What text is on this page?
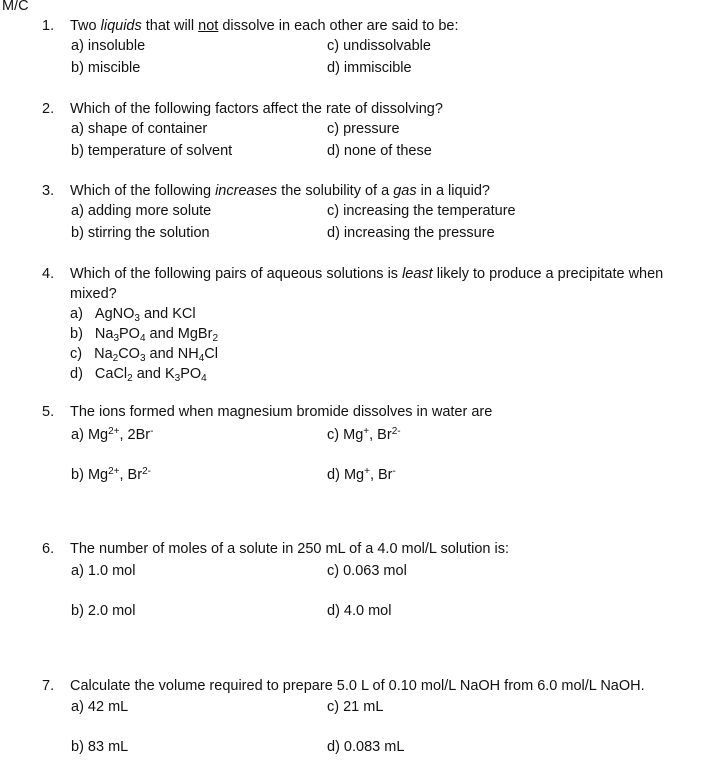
M/C
1. Two liquids that will not dissolve in each other are said to be:
a) insoluble
b) miscible
c) undissolvable
d) immiscible
2. Which of the following factors affect the rate of dissolving?
a) shape of container
b) temperature of solvent
c) pressure
d) none of these
3. Which of the following increases the solubility of a gas in a liquid?
a) adding more solute
b) stirring the solution
c) increasing the temperature
d) increasing the pressure
4. Which of the following pairs of aqueous solutions is least likely to produce a precipitate when
mixed?
a) AgNO$_3$ and KCl
b) $Na_3PO_4$ and MgBr$_2$
c) $Na_2CO_3$ and $NH_4Cl$
d) CaCl$_2$ and $K_3PO_4$
5. The ions formed when magnesium bromide dissolves in water are
a) $Mg^{2+}$, 2Br-
b) $Mg^{2+}$, $Br^{2-}$
c) Mg+, $Br^{2-}$
d) Mg+, Br-
6. The number of moles of a solute in 250 mL of a 4.0 mol/L solution is:
a) 1.0 mol
b) 2.0 mol
c) 0.063 mol
d) 4.0 mol
7. Calculate the volume required to prepare 5.0 L of 0.10 mol/L NaOH from 6.0 mol/L NaOH.
a) 42 mL
b) 83 mL
c) 21 mL
d) 0.083 mL
